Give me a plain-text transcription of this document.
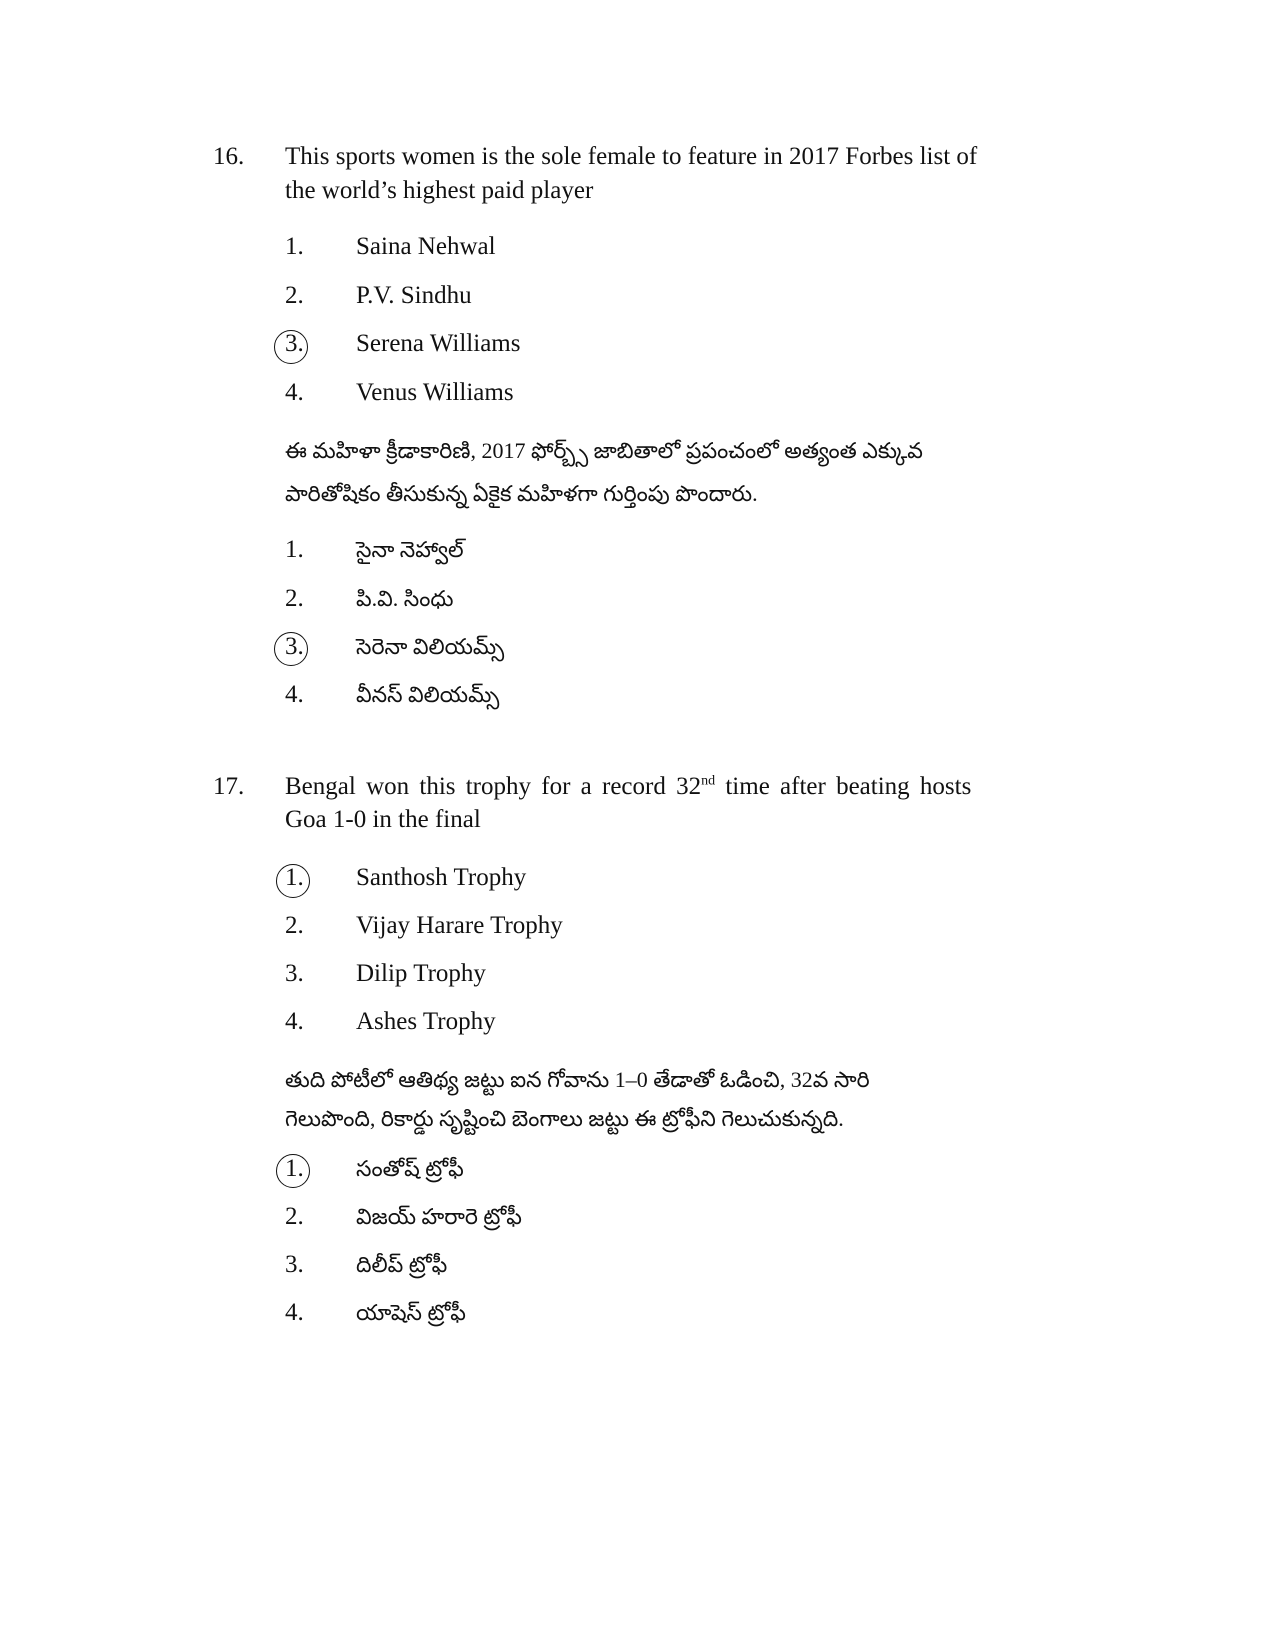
16. This sports women is the sole female to feature in 2017 Forbes list of
the world’s highest paid player
1. Saina Nehwal
2. P.V. Sindhu
3. Serena Williams
4. Venus Williams
ఈ మహిళా క్రీడాకారిణి, 2017 ఫోర్బ్స్ జాబితాలో ప్రపంచంలో అత్యంత ఎక్కువ
పారితోషికం తీసుకున్న ఏకైక మహిళగా గుర్తింపు పొందారు.
1. సైనా నెహ్వాల్
2. పి.వి. సింధు
3. సెరెనా విలియమ్స్
4. వీనస్ విలియమ్స్
17. Bengal won this trophy for a record 32nd time after beating hosts
Goa 1-0 in the final
1. Santhosh Trophy
2. Vijay Harare Trophy
3. Dilip Trophy
4. Ashes Trophy
తుది పోటీలో ఆతిథ్య జట్టు ఐన గోవాను 1–0 తేడాతో ఓడించి, 32వ సారి
గెలుపొంది, రికార్డు సృష్టించి బెంగాలు జట్టు ఈ ట్రోఫీని గెలుచుకున్నది.
1. సంతోష్ ట్రోఫీ
2. విజయ్ హరారె ట్రోఫీ
3. దిలీప్ ట్రోఫీ
4. యాషెస్ ట్రోఫీ
